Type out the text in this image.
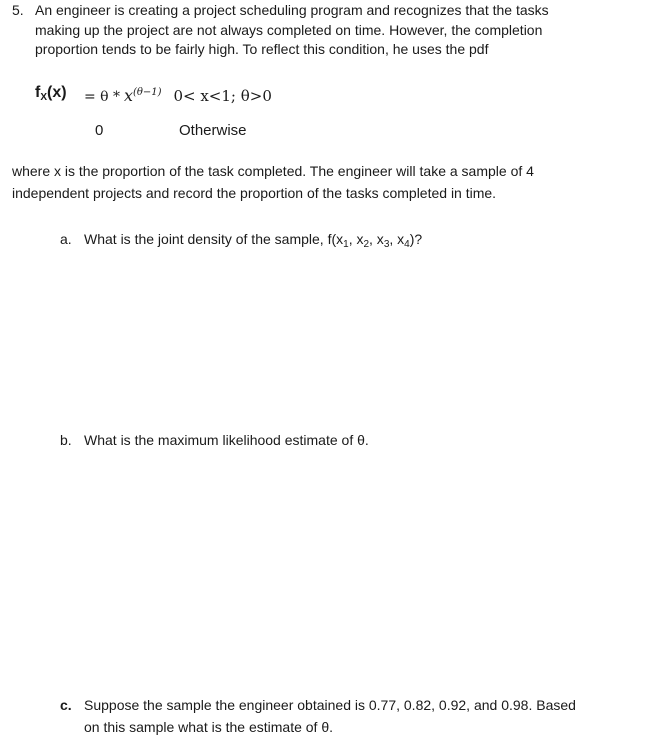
5. An engineer is creating a project scheduling program and recognizes that the tasks
making up the project are not always completed on time. However, the completion
proportion tends to be fairly high. To reflect this condition, he uses the pdf
$f_X(x) = \theta * x^{(\theta-1)}$ 0< x<1; θ>0
0	Otherwise
where x is the proportion of the task completed. The engineer will take a sample of 4
independent projects and record the proportion of the tasks completed in time.
a. What is the joint density of the sample, $f(x_1$, $x_2$, $x_3$, $x_4$)?
b. What is the maximum likelihood estimate of θ.
c. Suppose the sample the engineer obtained is 0.77, 0.82, 0.92, and 0.98. Based
on this sample what is the estimate of θ.
